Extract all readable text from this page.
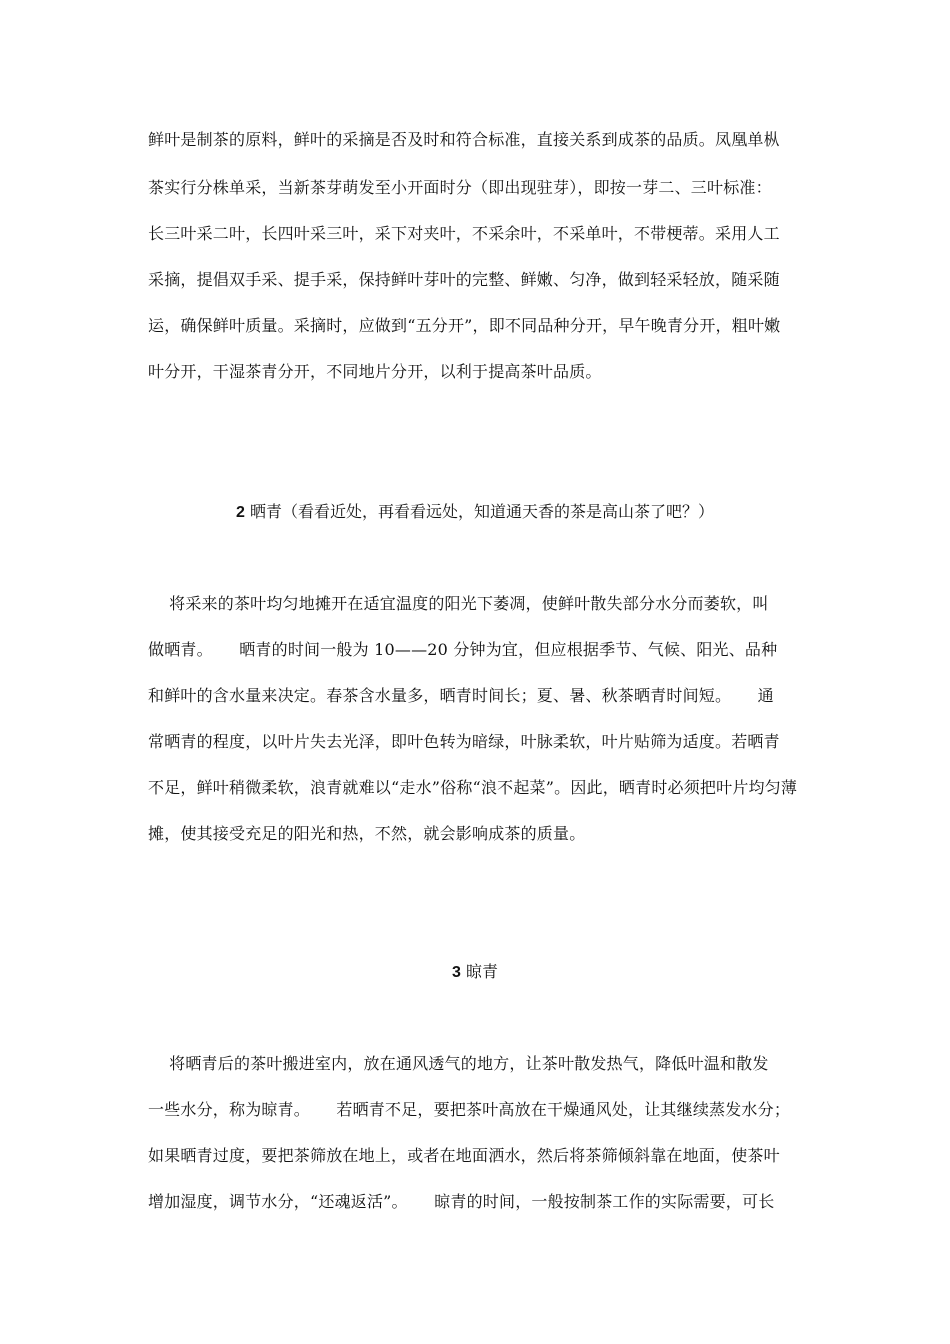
鲜叶是制茶的原料，鲜叶的采摘是否及时和符合标准，直接关系到成茶的品质。凤凰单枞
茶实行分株单采，当新茶芽萌发至小开面时分（即出现驻芽），即按一芽二、三叶标准：
长三叶采二叶，长四叶采三叶，采下对夹叶，不采余叶，不采单叶，不带梗蒂。采用人工
采摘，提倡双手采、提手采，保持鲜叶芽叶的完整、鲜嫩、匀净，做到轻采轻放，随采随
运，确保鲜叶质量。采摘时，应做到“五分开”，即不同品种分开，早午晚青分开，粗叶嫩
叶分开，干湿茶青分开，不同地片分开，以利于提高茶叶品质。
2 晒青（看看近处，再看看远处，知道通天香的茶是高山茶了吧？）
将采来的茶叶均匀地摊开在适宜温度的阳光下萎凋，使鲜叶散失部分水分而萎软，叫
做晒青。     晒青的时间一般为 10——20 分钟为宜，但应根据季节、气候、阳光、品种
和鲜叶的含水量来决定。春茶含水量多，晒青时间长；夏、暑、秋茶晒青时间短。     通
常晒青的程度，以叶片失去光泽，即叶色转为暗绿，叶脉柔软，叶片贴筛为适度。若晒青
不足，鲜叶稍微柔软，浪青就难以“走水”俗称“浪不起菜”。因此，晒青时必须把叶片均匀薄
摊，使其接受充足的阳光和热，不然，就会影响成茶的质量。
3 晾青
将晒青后的茶叶搬进室内，放在通风透气的地方，让茶叶散发热气，降低叶温和散发
一些水分，称为晾青。     若晒青不足，要把茶叶高放在干燥通风处，让其继续蒸发水分；
如果晒青过度，要把茶筛放在地上，或者在地面洒水，然后将茶筛倾斜靠在地面，使茶叶
增加湿度，调节水分，“还魂返活”。     晾青的时间，一般按制茶工作的实际需要，可长
